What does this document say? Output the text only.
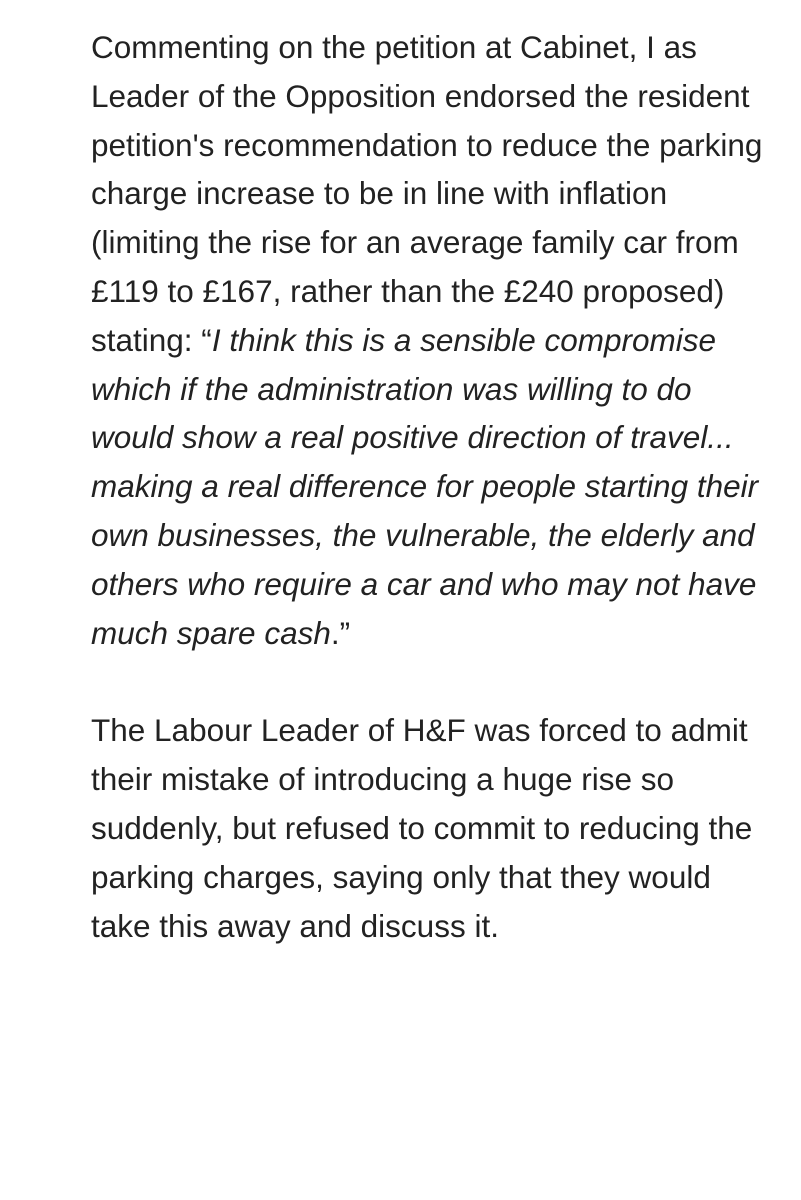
Commenting on the petition at Cabinet, I as Leader of the Opposition endorsed the resident petition's recommendation to reduce the parking charge increase to be in line with inflation (limiting the rise for an average family car from £119 to £167, rather than the £240 proposed) stating: “I think this is a sensible compromise which if the administration was willing to do would show a real positive direction of travel... making a real difference for people starting their own businesses, the vulnerable, the elderly and others who require a car and who may not have much spare cash.”

The Labour Leader of H&F was forced to admit their mistake of introducing a huge rise so suddenly, but refused to commit to reducing the parking charges, saying only that they would take this away and discuss it.
